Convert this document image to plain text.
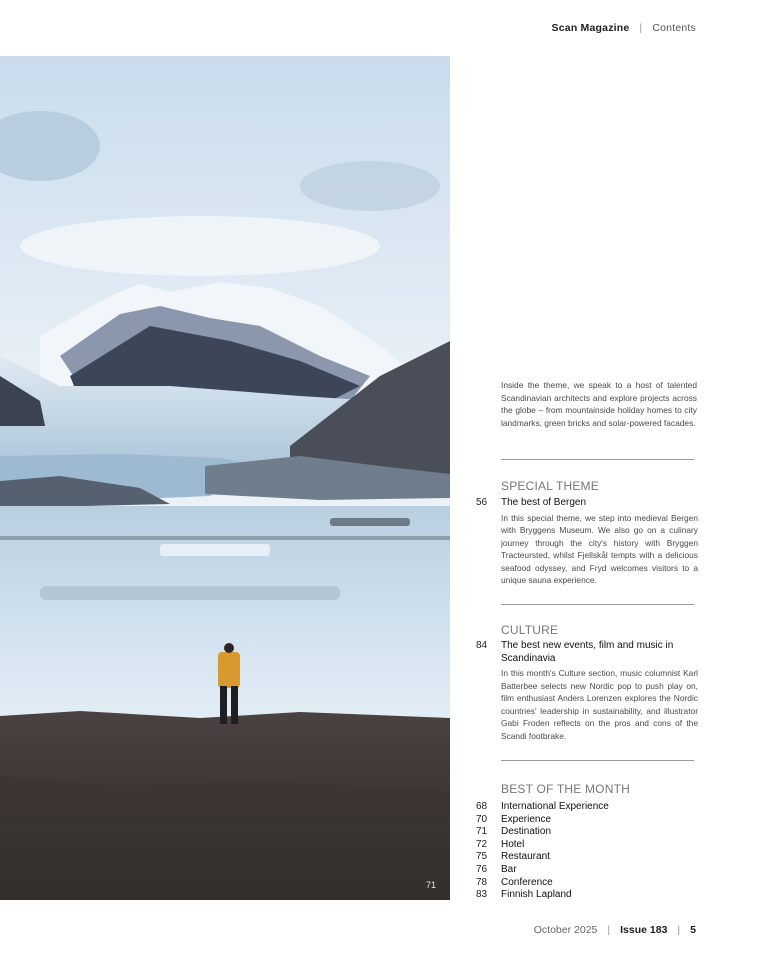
Scan Magazine | Contents
71

Inside the theme, we speak to a host of talented Scandinavian architects and explore projects across the globe – from mountainside holiday homes to city landmarks, green bricks and solar-powered facades.

SPECIAL THEME
56	The best of Bergen

In this special theme, we step into medieval Bergen with Bryggens Museum. We also go on a culinary journey through the city's history with Bryggen Tracteursted, whilst Fjellskål tempts with a delicious seafood odyssey, and Fryd welcomes visitors to a unique sauna experience.

CULTURE
84	The best new events, film and music in Scandinavia

In this month's Culture section, music columnist Karl Batterbee selects new Nordic pop to push play on, film enthusiast Anders Lorenzen explores the Nordic countries' leadership in sustainability, and illustrator Gabi Froden reflects on the pros and cons of the Scandi footbrake.

BEST OF THE MONTH
68	International Experience
70	Experience
71	Destination
72	Hotel
75	Restaurant
76	Bar
78	Conference
83	Finnish Lapland
October 2025 | Issue 183 | 5
